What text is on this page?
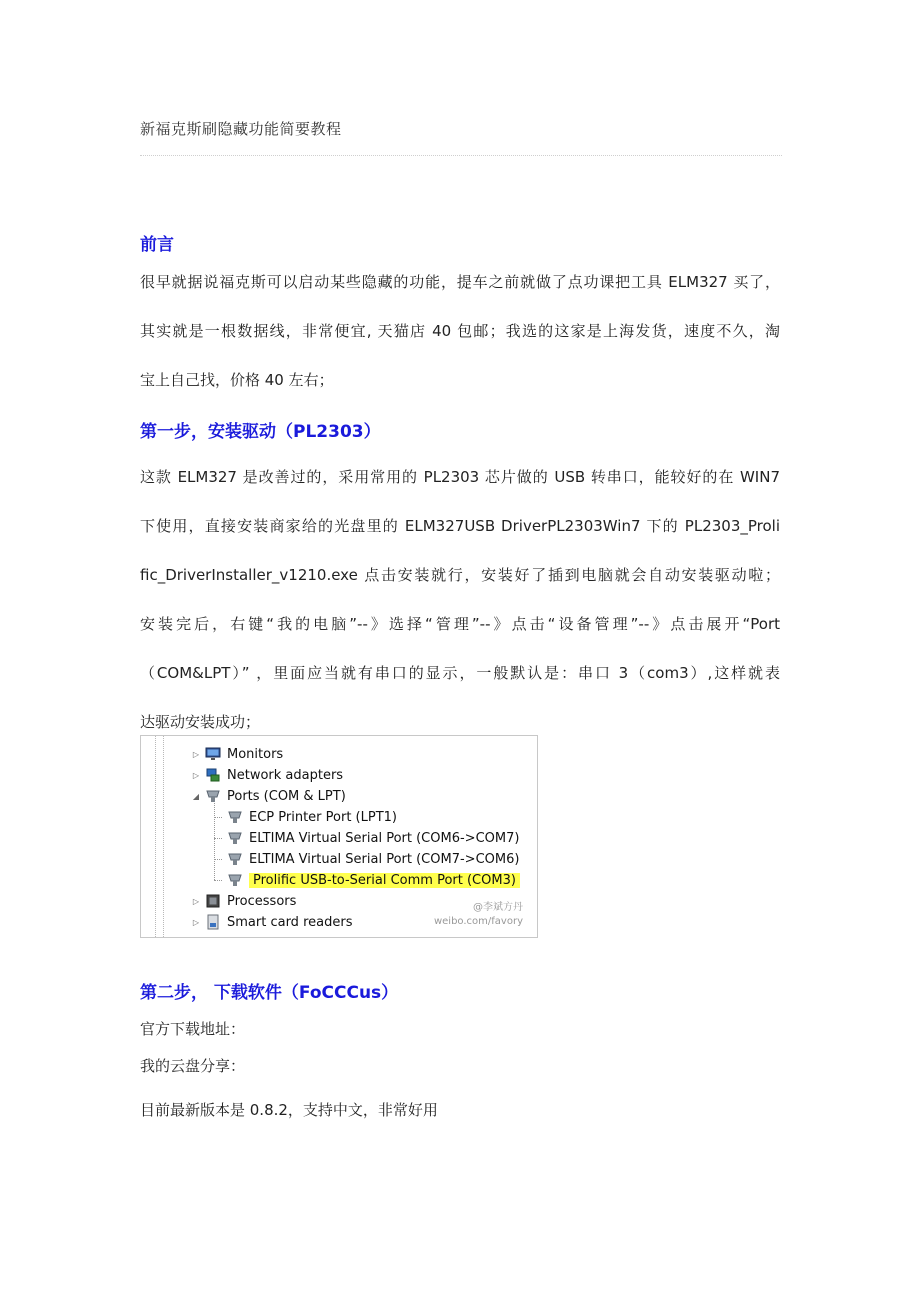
新福克斯刷隐藏功能简要教程
前言
很早就据说福克斯可以启动某些隐藏的功能，提车之前就做了点功课把工具 ELM327 买了，
其实就是一根数据线，非常便宜, 天猫店 40 包邮；我选的这家是上海发货，速度不久，淘
宝上自己找，价格 40 左右；
第一步，安装驱动（PL2303）
这款 ELM327 是改善过的，采用常用的 PL2303 芯片做的 USB 转串口，能较好的在 WIN7
下使用，直接安装商家给的光盘里的 ELM327USB DriverPL2303Win7 下的 PL2303_Proli
fic_DriverInstaller_v1210.exe 点击安装就行，安装好了插到电脑就会自动安装驱动啦；
安装完后，右键“我的电脑”--》选择“管理”--》点击“设备管理”--》点击展开“Port
（COM&LPT）” ，里面应当就有串口的显示，一般默认是：串口 3（com3）,这样就表
达驱动安装成功；
▷ Monitors
▷ Network adapters
◢ Ports (COM & LPT)
ECP Printer Port (LPT1)
ELTIMA Virtual Serial Port (COM6->COM7)
ELTIMA Virtual Serial Port (COM7->COM6)
Prolific USB-to-Serial Comm Port (COM3)
▷ Processors
▷ Smart card readers
@李斌方丹
weibo.com/favory
第二步， 下载软件（FoCCCus）
官方下载地址：
我的云盘分享：
目前最新版本是 0.8.2，支持中文，非常好用
